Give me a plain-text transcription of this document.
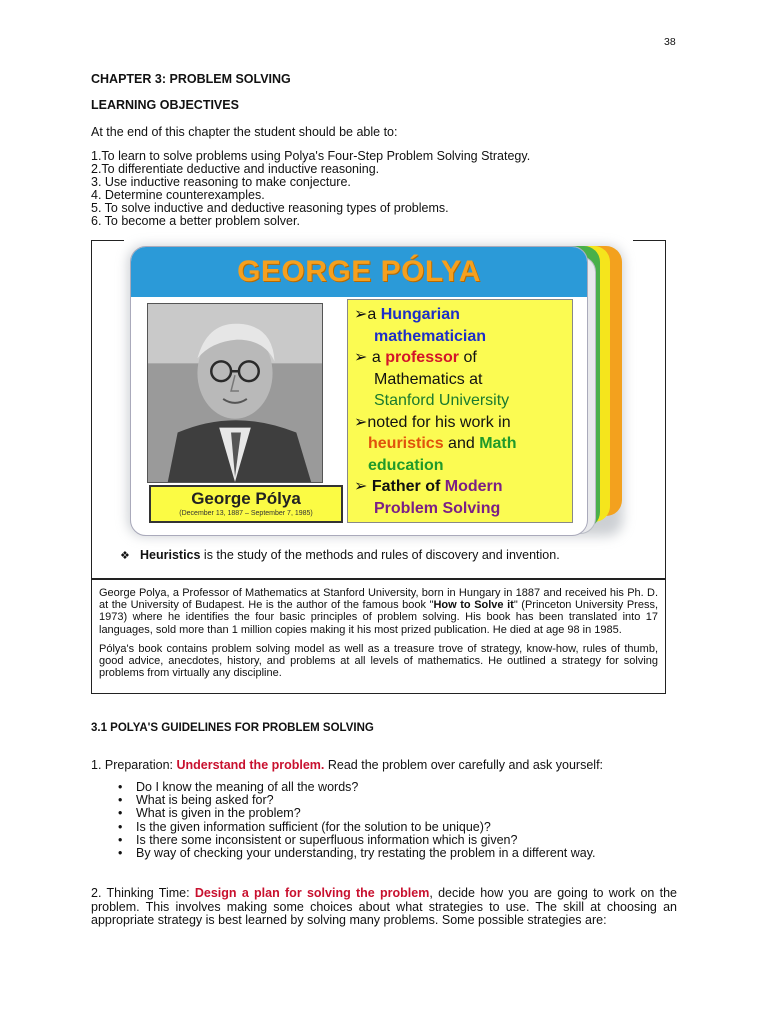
38
CHAPTER 3: PROBLEM SOLVING
LEARNING OBJECTIVES
At the end of this chapter the student should be able to:
1.To learn to solve problems using Polya's Four-Step Problem Solving Strategy.
2.To differentiate deductive and inductive reasoning.
3. Use inductive reasoning to make conjecture.
4. Determine counterexamples.
5. To solve inductive and deductive reasoning types of problems.
6. To become a better problem solver.
GEORGE PÓLYA
George Pólya
(December 13, 1887 – September 7, 1985)
➢a Hungarian
mathematician
➢ a professor of
Mathematics at
Stanford University
➢noted for his work in
heuristics and Math
education
➢ Father of Modern
Problem Solving
❖ Heuristics is the study of the methods and rules of discovery and invention.

George Polya, a Professor of Mathematics at Stanford University, born in Hungary in 1887 and received his Ph. D. at the University of Budapest. He is the author of the famous book "How to Solve it" (Princeton University Press, 1973) where he identifies the four basic principles of problem solving. His book has been translated into 17 languages, sold more than 1 million copies making it his most prized publication. He died at age 98 in 1985.

Pólya's book contains problem solving model as well as a treasure trove of strategy, know-how, rules of thumb, good advice, anecdotes, history, and problems at all levels of mathematics. He outlined a strategy for solving problems from virtually any discipline.

3.1 POLYA'S GUIDELINES FOR PROBLEM SOLVING
1. Preparation: Understand the problem. Read the problem over carefully and ask yourself:
• Do I know the meaning of all the words?
• What is being asked for?
• What is given in the problem?
• Is the given information sufficient (for the solution to be unique)?
• Is there some inconsistent or superfluous information which is given?
• By way of checking your understanding, try restating the problem in a different way.
2. Thinking Time: Design a plan for solving the problem, decide how you are going to work on the problem. This involves making some choices about what strategies to use. The skill at choosing an appropriate strategy is best learned by solving many problems. Some possible strategies are:
